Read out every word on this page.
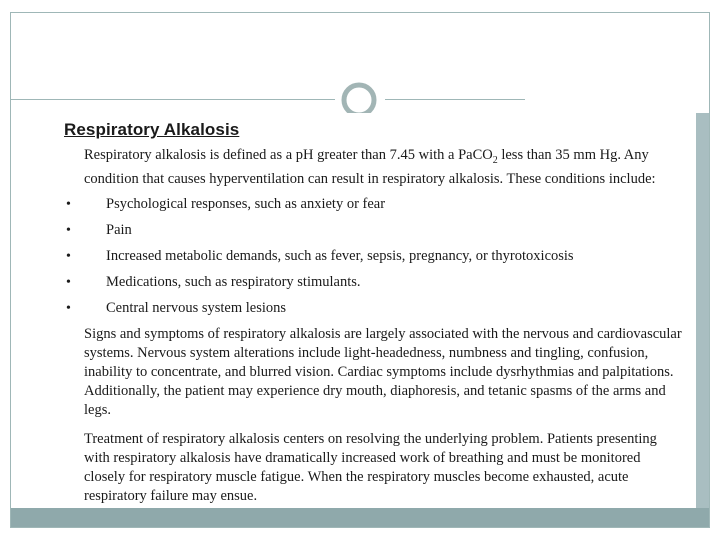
Respiratory Alkalosis

Respiratory alkalosis is defined as a pH greater than 7.45 with a PaCO$_2$ less than 35 mm Hg. Any condition that causes hyperventilation can result in respiratory alkalosis. These conditions include:

• Psychological responses, such as anxiety or fear
• Pain
• Increased metabolic demands, such as fever, sepsis, pregnancy, or thyrotoxicosis
• Medications, such as respiratory stimulants.
• Central nervous system lesions

Signs and symptoms of respiratory alkalosis are largely associated with the nervous and cardiovascular systems. Nervous system alterations include light-headedness, numbness and tingling, confusion, inability to concentrate, and blurred vision. Cardiac symptoms include dysrhythmias and palpitations. Additionally, the patient may experience dry mouth, diaphoresis, and tetanic spasms of the arms and legs.

Treatment of respiratory alkalosis centers on resolving the underlying problem. Patients presenting with respiratory alkalosis have dramatically increased work of breathing and must be monitored closely for respiratory muscle fatigue. When the respiratory muscles become exhausted, acute respiratory failure may ensue.
